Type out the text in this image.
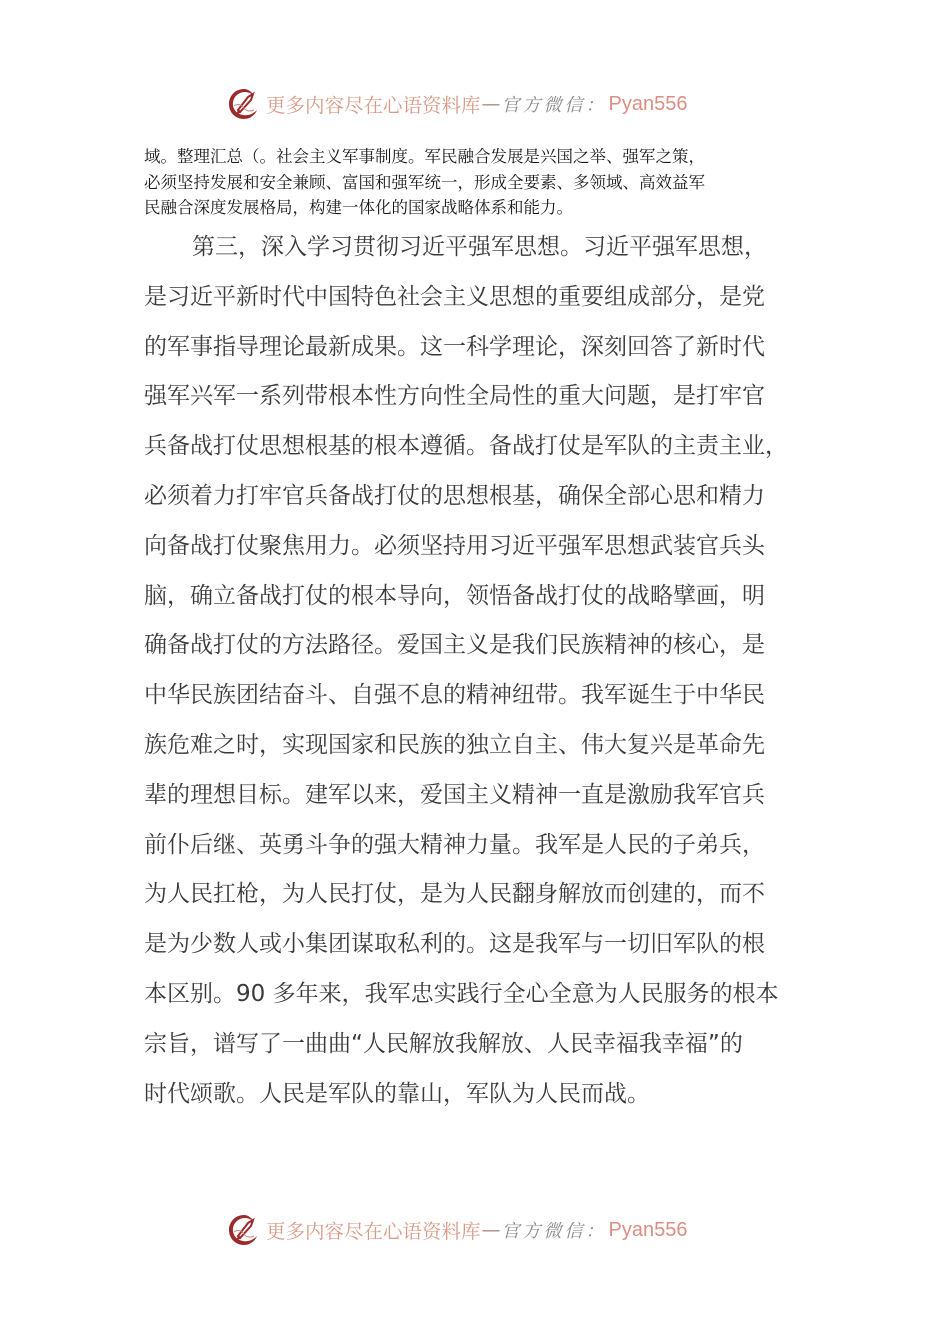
更多内容尽在心语资料库 — 官方微信： Pyan556
域。整理汇总（。社会主义军事制度。军民融合发展是兴国之举、强军之策，
必须坚持发展和安全兼顾、富国和强军统一，形成全要素、多领域、高效益军
民融合深度发展格局，构建一体化的国家战略体系和能力。
第三，深入学习贯彻习近平强军思想。习近平强军思想，
是习近平新时代中国特色社会主义思想的重要组成部分，是党
的军事指导理论最新成果。这一科学理论，深刻回答了新时代
强军兴军一系列带根本性方向性全局性的重大问题，是打牢官
兵备战打仗思想根基的根本遵循。备战打仗是军队的主责主业，
必须着力打牢官兵备战打仗的思想根基，确保全部心思和精力
向备战打仗聚焦用力。必须坚持用习近平强军思想武装官兵头
脑，确立备战打仗的根本导向，领悟备战打仗的战略擘画，明
确备战打仗的方法路径。爱国主义是我们民族精神的核心，是
中华民族团结奋斗、自强不息的精神纽带。我军诞生于中华民
族危难之时，实现国家和民族的独立自主、伟大复兴是革命先
辈的理想目标。建军以来，爱国主义精神一直是激励我军官兵
前仆后继、英勇斗争的强大精神力量。我军是人民的子弟兵，
为人民扛枪，为人民打仗，是为人民翻身解放而创建的，而不
是为少数人或小集团谋取私利的。这是我军与一切旧军队的根
本区别。90 多年来，我军忠实践行全心全意为人民服务的根本
宗旨，谱写了一曲曲“人民解放我解放、人民幸福我幸福”的
时代颂歌。人民是军队的靠山，军队为人民而战。
更多内容尽在心语资料库 — 官方微信： Pyan556
